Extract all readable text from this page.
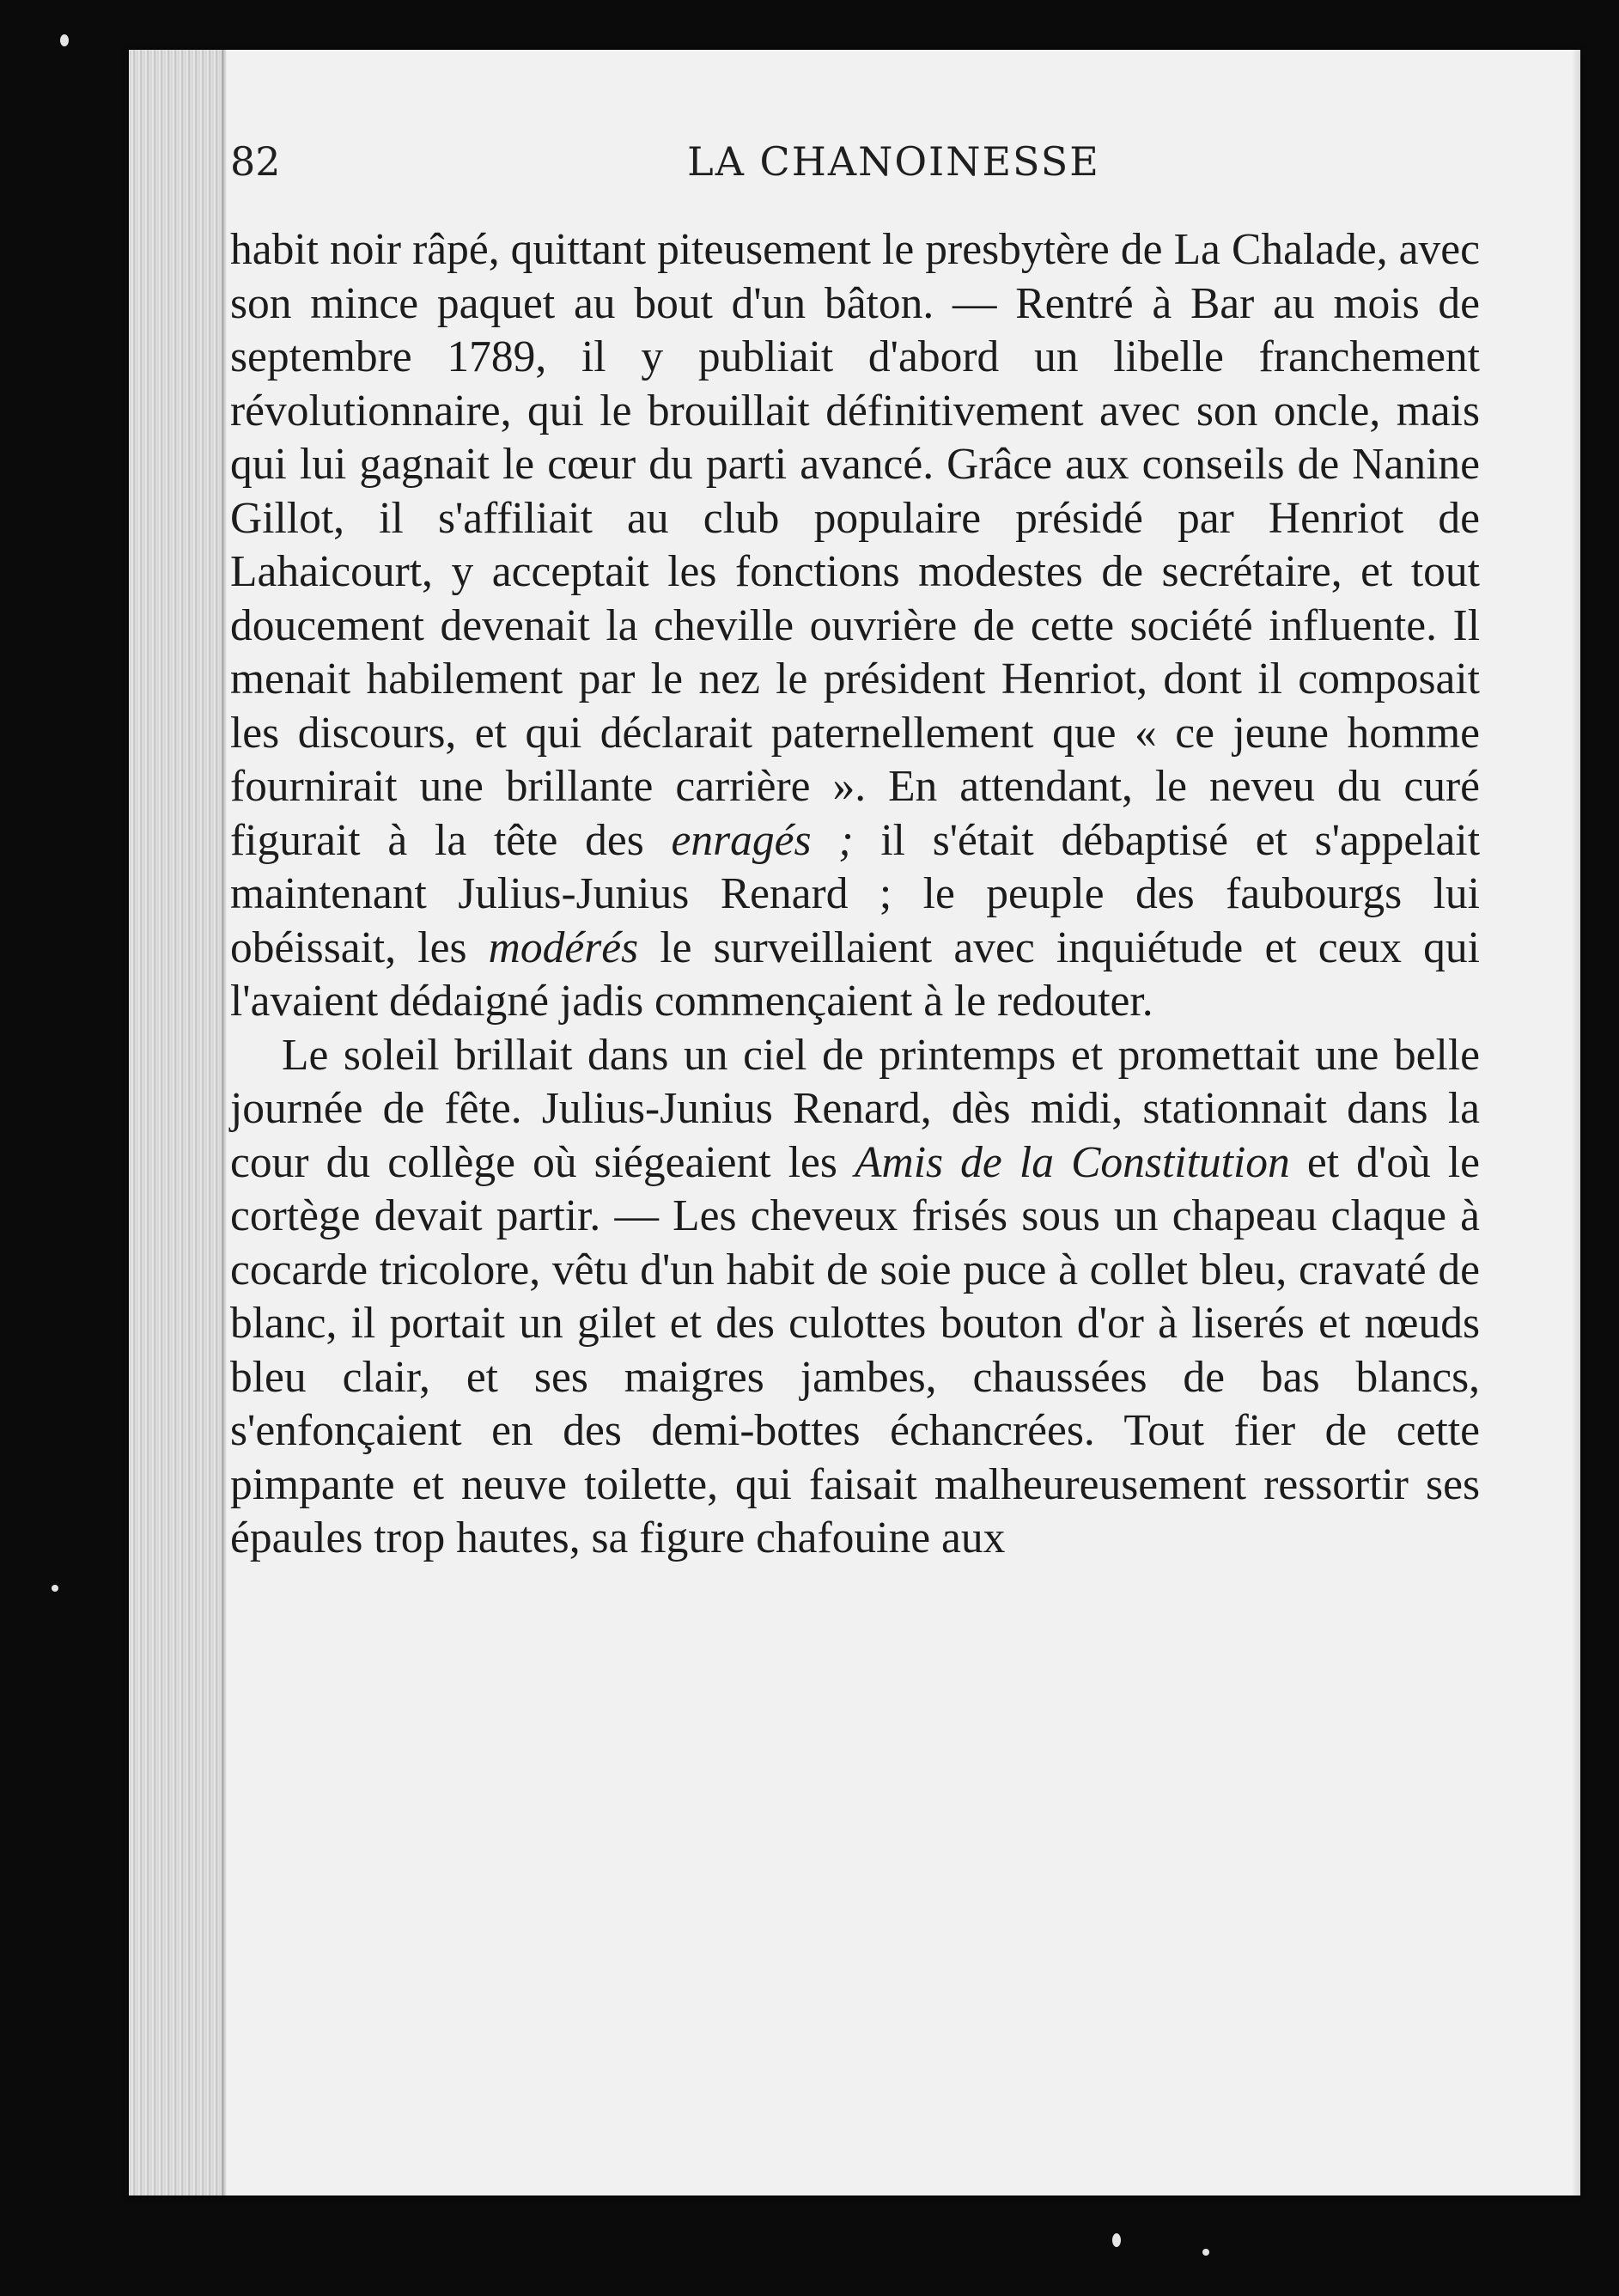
82	LA CHANOINESSE

habit noir râpé, quittant piteusement le presbytère de La Chalade, avec son mince paquet au bout d'un bâton. — Rentré à Bar au mois de septembre 1789, il y publiait d'abord un libelle franchement révolutionnaire, qui le brouillait définitivement avec son oncle, mais qui lui gagnait le cœur du parti avancé. Grâce aux conseils de Nanine Gillot, il s'affiliait au club populaire présidé par Henriot de Lahaicourt, y acceptait les fonctions modestes de secrétaire, et tout doucement devenait la cheville ouvrière de cette société influente. Il menait habilement par le nez le président Henriot, dont il composait les discours, et qui déclarait paternellement que « ce jeune homme fournirait une brillante carrière ». En attendant, le neveu du curé figurait à la tête des enragés ; il s'était débaptisé et s'appelait maintenant Julius-Junius Renard ; le peuple des faubourgs lui obéissait, les modérés le surveillaient avec inquiétude et ceux qui l'avaient dédaigné jadis commençaient à le redouter.

Le soleil brillait dans un ciel de printemps et promettait une belle journée de fête. Julius-Junius Renard, dès midi, stationnait dans la cour du collège où siégeaient les Amis de la Constitution et d'où le cortège devait partir. — Les cheveux frisés sous un chapeau claque à cocarde tricolore, vêtu d'un habit de soie puce à collet bleu, cravaté de blanc, il portait un gilet et des culottes bouton d'or à liserés et nœuds bleu clair, et ses maigres jambes, chaussées de bas blancs, s'enfonçaient en des demi-bottes échancrées. Tout fier de cette pimpante et neuve toilette, qui faisait malheureusement ressortir ses épaules trop hautes, sa figure chafouine aux
